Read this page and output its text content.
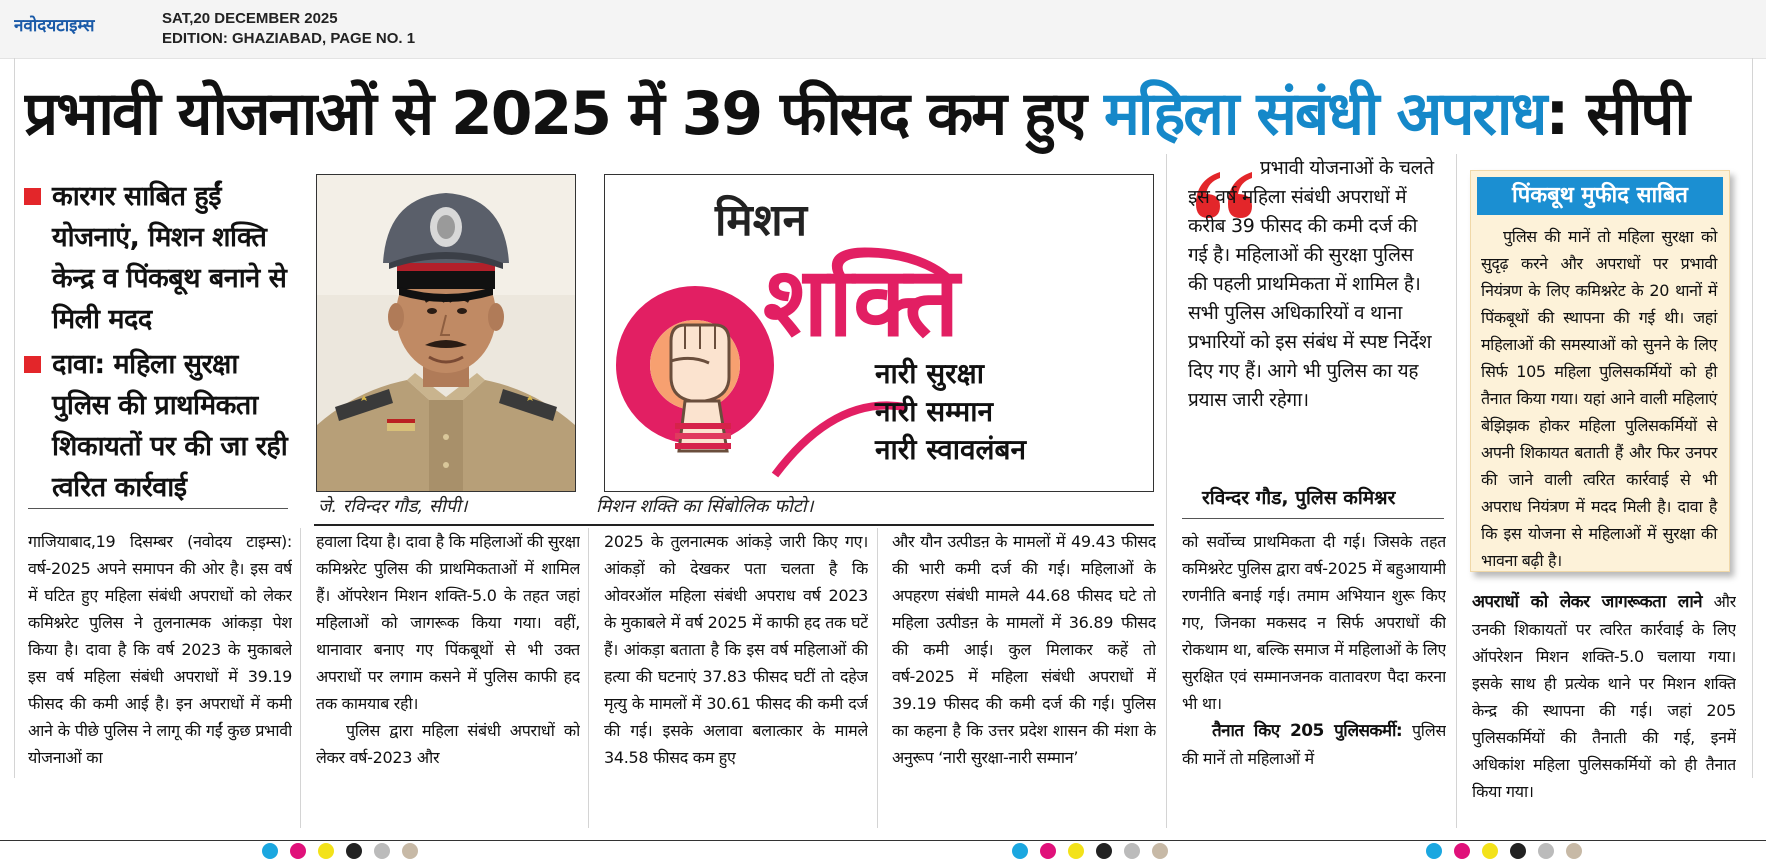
नवोदयटाइम्स	SAT,20 DECEMBER 2025
EDITION: GHAZIABAD, PAGE NO. 1
प्रभावी योजनाओं से 2025 में 39 फीसद कम हुए महिला संबंधी अपराध: सीपी
कारगर साबित हुईं योजनाएं, मिशन शक्ति केन्द्र व पिंकबूथ बनाने से मिली मदद
दावा: महिला सुरक्षा पुलिस की प्राथमिकता शिकायतों पर की जा रही त्वरित कार्रवाई
जे. रविन्दर गौड, सीपी।
मिशन
शक्ति
नारी सुरक्षा
नारी सम्मान
नारी स्वावलंबन
मिशन शक्ति का सिंबोलिक फोटो।

प्रभावी योजनाओं के चलते इस वर्ष महिला संबंधी अपराधों में करीब 39 फीसद की कमी दर्ज की गई है। महिलाओं की सुरक्षा पुलिस की पहली प्राथमिकता में शामिल है। सभी पुलिस अधिकारियों व थाना प्रभारियों को इस संबंध में स्पष्ट निर्देश दिए गए हैं। आगे भी पुलिस का यह प्रयास जारी रहेगा।

रविन्दर गौड, पुलिस कमिश्नर
पिंकबूथ मुफीद साबित

पुलिस की मानें तो महिला सुरक्षा को सुदृढ़ करने और अपराधों पर प्रभावी नियंत्रण के लिए कमिश्नरेट के 20 थानों में पिंकबूथों की स्थापना की गई थी। जहां महिलाओं की समस्याओं को सुनने के लिए सिर्फ 105 महिला पुलिसकर्मियों को ही तैनात किया गया। यहां आने वाली महिलाएं बेझिझक होकर महिला पुलिसकर्मियों से अपनी शिकायत बताती हैं और फिर उनपर की जाने वाली त्वरित कार्रवाई से भी अपराध नियंत्रण में मदद मिली है। दावा है कि इस योजना से महिलाओं में सुरक्षा की भावना बढ़ी है।

गाजियाबाद,19 दिसम्बर (नवोदय टाइम्स): वर्ष-2025 अपने समापन की ओर है। इस वर्ष में घटित हुए महिला संबंधी अपराधों को लेकर कमिश्नरेट पुलिस ने तुलनात्मक आंकड़ा पेश किया है। दावा है कि वर्ष 2023 के मुकाबले इस वर्ष महिला संबंधी अपराधों में 39.19 फीसद की कमी आई है। इन अपराधों में कमी आने के पीछे पुलिस ने लागू की गईं कुछ प्रभावी योजनाओं का

हवाला दिया है। दावा है कि महिलाओं की सुरक्षा कमिश्नरेट पुलिस की प्राथमिकताओं में शामिल हैं। ऑपरेशन मिशन शक्ति-5.0 के तहत जहां महिलाओं को जागरूक किया गया। वहीं, थानावार बनाए गए पिंकबूथों से भी उक्त अपराधों पर लगाम कसने में पुलिस काफी हद तक कामयाब रही।
पुलिस द्वारा महिला संबंधी अपराधों को लेकर वर्ष-2023 और

2025 के तुलनात्मक आंकड़े जारी किए गए। आंकड़ों को देखकर पता चलता है कि ओवरऑल महिला संबंधी अपराध वर्ष 2023 के मुकाबले में वर्ष 2025 में काफी हद तक घटें हैं। आंकड़ा बताता है कि इस वर्ष महिलाओं की हत्या की घटनाएं 37.83 फीसद घटीं तो दहेज मृत्यु के मामलों में 30.61 फीसद की कमी दर्ज की गई। इसके अलावा बलात्कार के मामले 34.58 फीसद कम हुए

और यौन उत्पीडऩ के मामलों में 49.43 फीसद की भारी कमी दर्ज की गई। महिलाओं के अपहरण संबंधी मामले 44.68 फीसद घटे तो महिला उत्पीडऩ के मामलों में 36.89 फीसद की कमी आई। कुल मिलाकर कहें तो वर्ष-2025 में महिला संबंधी अपराधों में 39.19 फीसद की कमी दर्ज की गई। पुलिस का कहना है कि उत्तर प्रदेश शासन की मंशा के अनुरूप ‘नारी सुरक्षा-नारी सम्मान’

को सर्वोच्च प्राथमिकता दी गई। जिसके तहत कमिश्नरेट पुलिस द्वारा वर्ष-2025 में बहुआयामी रणनीति बनाई गई। तमाम अभियान शुरू किए गए, जिनका मकसद न सिर्फ अपराधों की रोकथाम था, बल्कि समाज में महिलाओं के लिए सुरक्षित एवं सम्मानजनक वातावरण पैदा करना भी था।
तैनात किए 205 पुलिसकर्मी: पुलिस की मानें तो महिलाओं में
अपराधों को लेकर जागरूकता लाने और उनकी शिकायतों पर त्वरित कार्रवाई के लिए ऑपरेशन मिशन शक्ति-5.0 चलाया गया। इसके साथ ही प्रत्येक थाने पर मिशन शक्ति केन्द्र की स्थापना की गई। जहां 205 पुलिसकर्मियों की तैनाती की गई, इनमें अधिकांश महिला पुलिसकर्मियों को ही तैनात किया गया।
